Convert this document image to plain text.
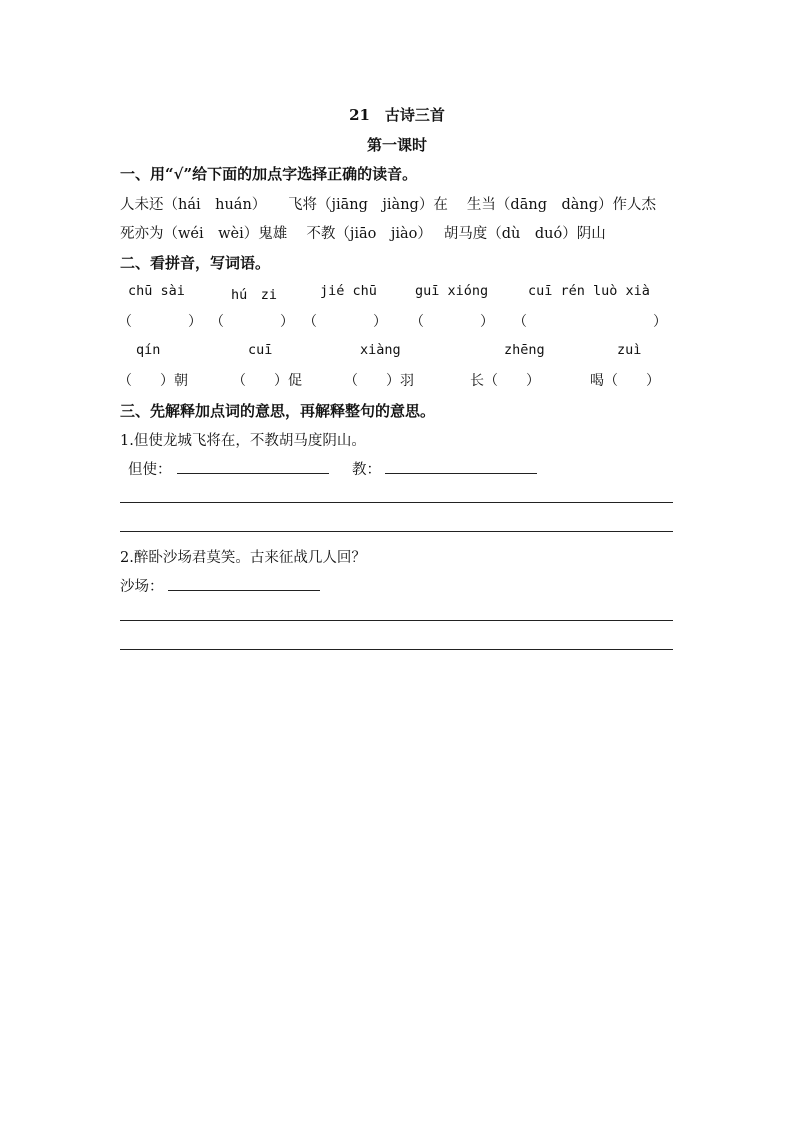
21　古诗三首
第一课时
一、用“√”给下面的加点字选择正确的读音。
人未还（hái　huán）　　飞将（jiāng　jiàng）在　 生当（dāng　dàng）作人杰
死亦为（wéi　wèi）鬼雄　 不教（jiāo　jiào）　 胡马度（dù　duó）阴山
二、看拼音，写词语。
chū sài	hú　zi	jié chū	guī xióng	cuī rén luò xià
（　　　　） （　　　　） （　　　　） （　　　　） （　　　　　　　　　）
qín	cuī	xiàng	zhēng	zuì
（　　）朝	（　　）促	（　　）羽	长（　　）	喝（　　）
三、先解释加点词的意思，再解释整句的意思。
1.但使龙城飞将在，不教胡马度阴山。
但使：	教：
2.醉卧沙场君莫笑。古来征战几人回？
沙场：
